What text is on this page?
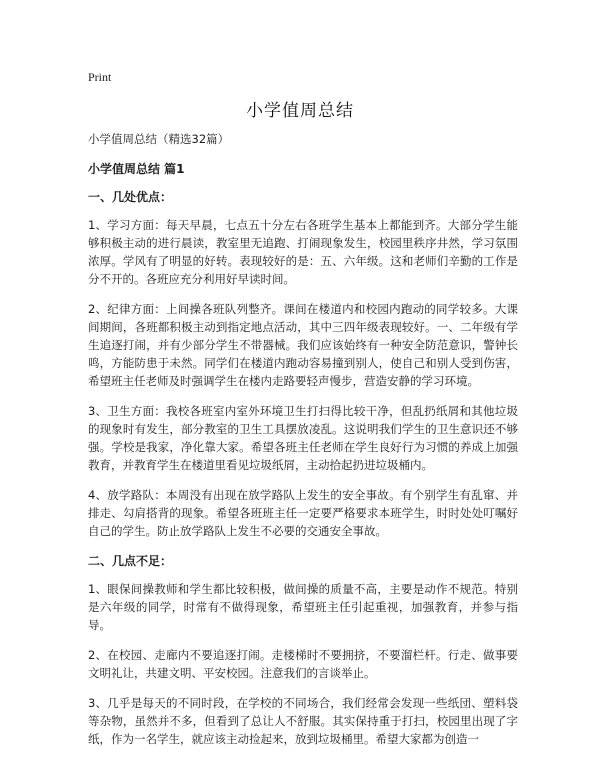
Print
小学值周总结

小学值周总结（精选32篇）

小学值周总结 篇1

一、几处优点：

1、学习方面：每天早晨，七点五十分左右各班学生基本上都能到齐。大部分学生能够积极主动的进行晨读，教室里无追跑、打闹现象发生，校园里秩序井然，学习氛围浓厚。学风有了明显的好转。表现较好的是：五、六年级。这和老师们辛勤的工作是分不开的。各班应充分利用好早读时间。

2、纪律方面：上间操各班队列整齐。课间在楼道内和校园内跑动的同学较多。大课间期间，各班都积极主动到指定地点活动，其中三四年级表现较好。一、二年级有学生追逐打闹，并有少部分学生不带器械。我们应该始终有一种安全防范意识，警钟长鸣，方能防患于未然。同学们在楼道内跑动容易撞到别人，使自己和别人受到伤害，希望班主任老师及时强调学生在楼内走路要轻声慢步，营造安静的学习环境。

3、卫生方面：我校各班室内室外环境卫生打扫得比较干净，但乱扔纸屑和其他垃圾的现象时有发生，部分教室的卫生工具摆放凌乱。这说明我们学生的卫生意识还不够强。学校是我家，净化靠大家。希望各班主任老师在学生良好行为习惯的养成上加强教育，并教育学生在楼道里看见垃圾纸屑，主动拾起扔进垃圾桶内。

4、放学路队：本周没有出现在放学路队上发生的安全事故。有个别学生有乱窜、并排走、勾肩搭背的现象。希望各班班主任一定要严格要求本班学生，时时处处叮嘱好自己的学生。防止放学路队上发生不必要的交通安全事故。

二、几点不足：

1、眼保间操教师和学生都比较积极，做间操的质量不高，主要是动作不规范。特别是六年级的同学，时常有不做得现象，希望班主任引起重视，加强教育，并参与指导。

2、在校园、走廊内不要追逐打闹。走楼梯时不要拥挤，不要溜栏杆。行走、做事要文明礼让，共建文明、平安校园。注意我们的言谈举止。

3、几乎是每天的不同时段，在学校的不同场合，我们经常会发现一些纸団、塑料袋等杂物，虽然并不多，但看到了总让人不舒服。其实保持重于打扫，校园里出现了字纸，作为一名学生，就应该主动捡起来，放到垃圾桶里。希望大家都为创造一
